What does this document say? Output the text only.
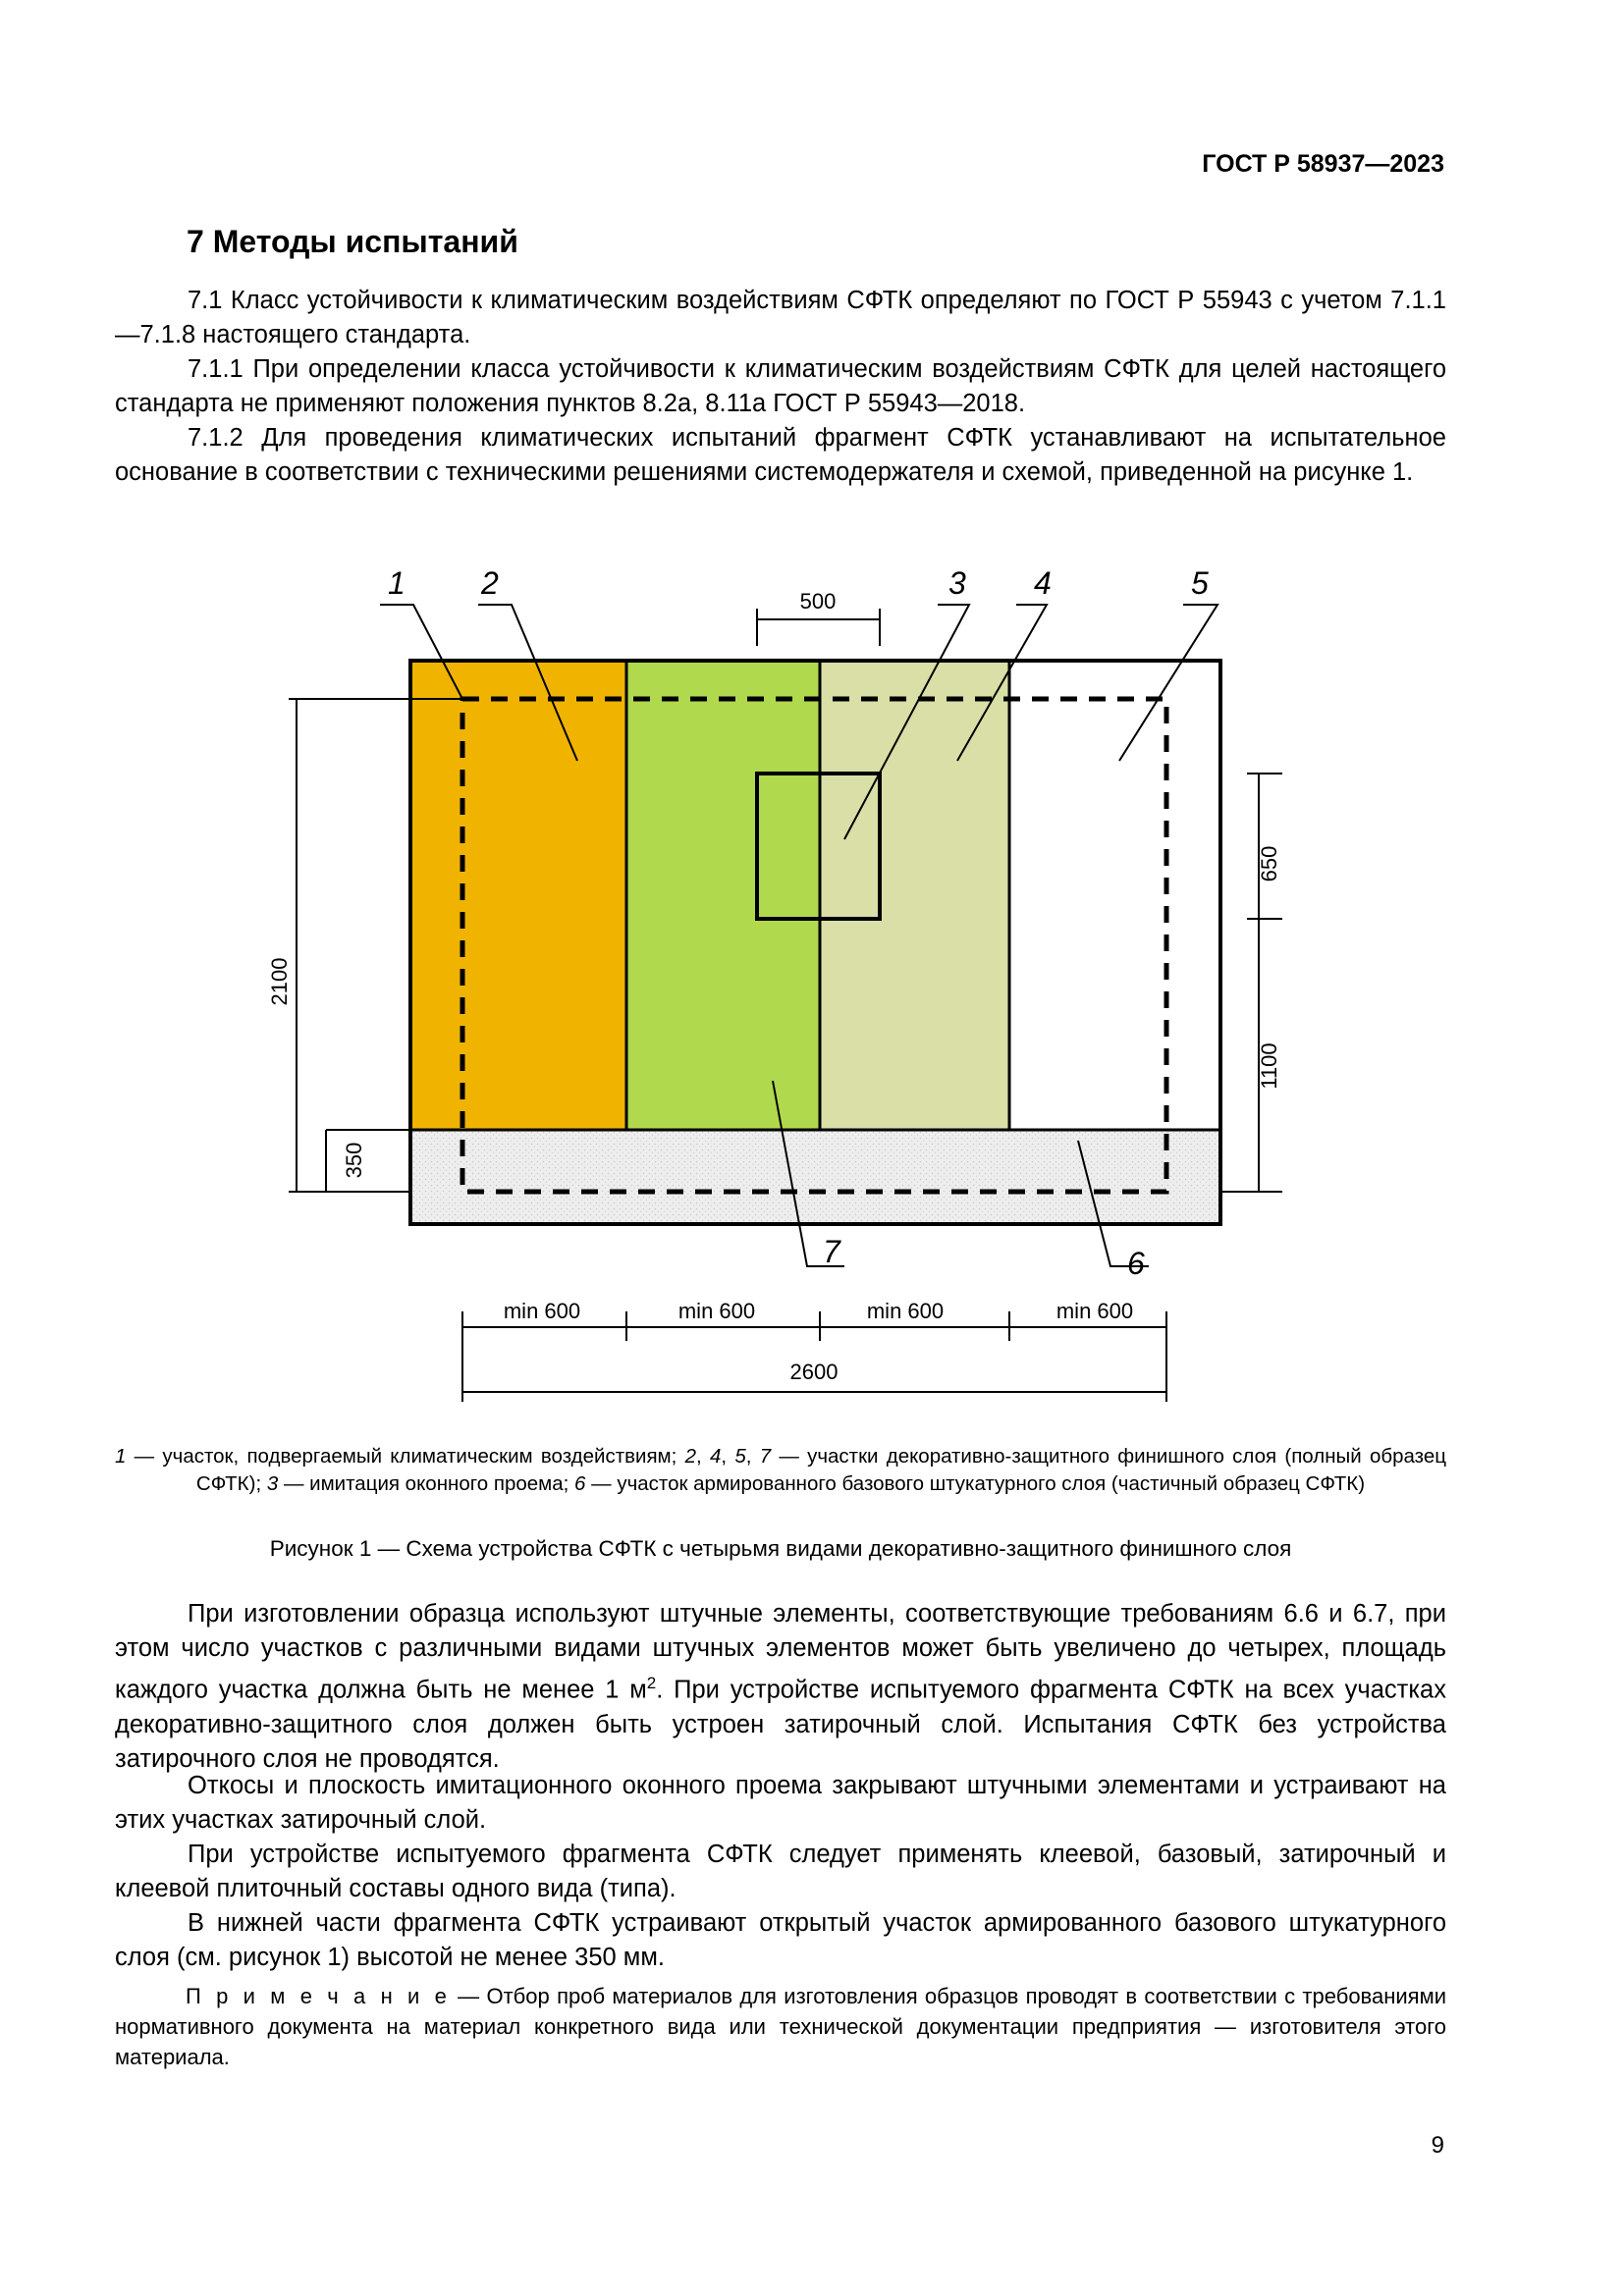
ГОСТ Р 58937—2023
7 Методы испытаний
7.1 Класс устойчивости к климатическим воздействиям СФТК определяют по ГОСТ Р 55943 с учетом 7.1.1—7.1.8 настоящего стандарта.
7.1.1 При определении класса устойчивости к климатическим воздействиям СФТК для целей настоящего стандарта не применяют положения пунктов 8.2а, 8.11а ГОСТ Р 55943—2018.
7.1.2 Для проведения климатических испытаний фрагмент СФТК устанавливают на испытательное основание в соответствии с техническими решениями системодержателя и схемой, приведенной на рисунке 1.
1 2	3 4	5
7	6
500
2100
350
650
1100
min 600	min 600	min 600	min 600
2600
1 — участок, подвергаемый климатическим воздействиям; 2, 4, 5, 7 — участки декоративно-защитного финишного слоя (полный образец СФТК); 3 — имитация оконного проема; 6 — участок армированного базового штукатурного слоя (частичный образец СФТК)
Рисунок 1 — Схема устройства СФТК с четырьмя видами декоративно-защитного финишного слоя
При изготовлении образца используют штучные элементы, соответствующие требованиям 6.6 и 6.7, при этом число участков с различными видами штучных элементов может быть увеличено до четырех, площадь каждого участка должна быть не менее 1 $м^2$. При устройстве испытуемого фрагмента СФТК на всех участках декоративно-защитного слоя должен быть устроен затирочный слой. Испытания СФТК без устройства затирочного слоя не проводятся.
Откосы и плоскость имитационного оконного проема закрывают штучными элементами и устраивают на этих участках затирочный слой.
При устройстве испытуемого фрагмента СФТК следует применять клеевой, базовый, затирочный и клеевой плиточный составы одного вида (типа).
В нижней части фрагмента СФТК устраивают открытый участок армированного базового штукатурного слоя (см. рисунок 1) высотой не менее 350 мм.
П р и м е ч а н и е — Отбор проб материалов для изготовления образцов проводят в соответствии с требованиями нормативного документа на материал конкретного вида или технической документации предприятия — изготовителя этого материала.
9
